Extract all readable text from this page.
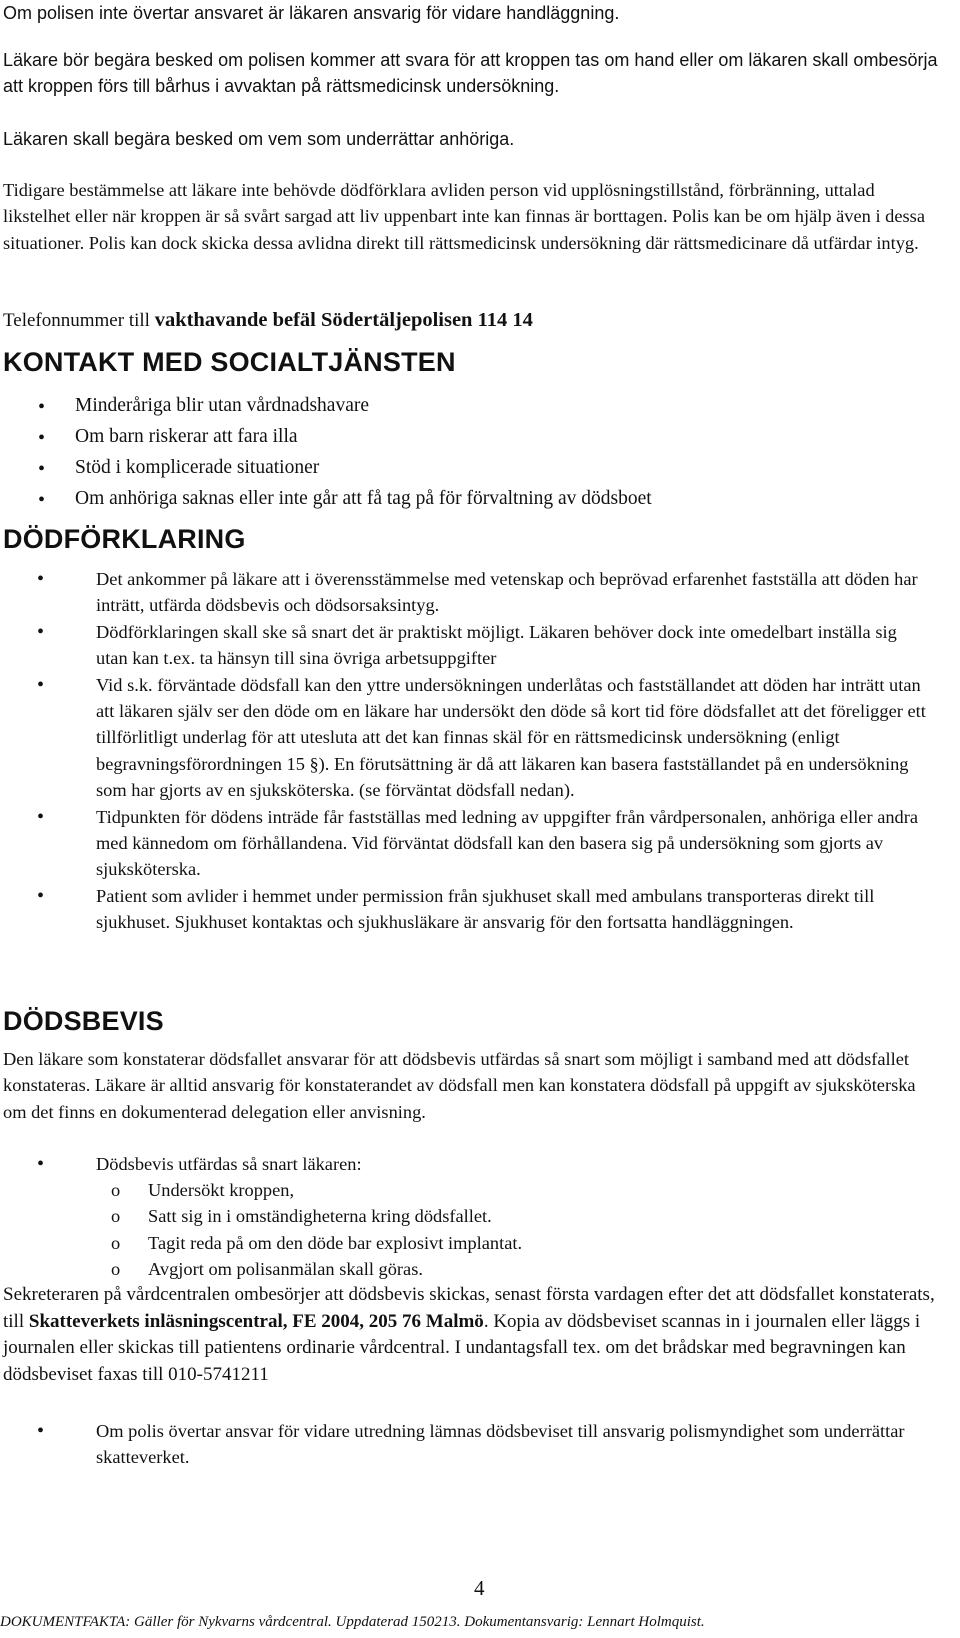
Om polisen inte övertar ansvaret är läkaren ansvarig för vidare handläggning.

Läkare bör begära besked om polisen kommer att svara för att kroppen tas om hand eller om läkaren skall ombesörja att kroppen förs till bårhus i avvaktan på rättsmedicinsk undersökning.

Läkaren skall begära besked om vem som underrättar anhöriga.

Tidigare bestämmelse att läkare inte behövde dödförklara avliden person vid upplösningstillstånd, förbränning, uttalad likstelhet eller när kroppen är så svårt sargad att liv uppenbart inte kan finnas är borttagen. Polis kan be om hjälp även i dessa situationer. Polis kan dock skicka dessa avlidna direkt till rättsmedicinsk undersökning där rättsmedicinare då utfärdar intyg.

Telefonnummer till vakthavande befäl Södertäljepolisen 114 14

KONTAKT MED SOCIALTJÄNSTEN
•
Minderåriga blir utan vårdnadshavare
•
Om barn riskerar att fara illa
•
Stöd i komplicerade situationer
•
Om anhöriga saknas eller inte går att få tag på för förvaltning av dödsboet
DÖDFÖRKLARING
•
Det ankommer på läkare att i överensstämmelse med vetenskap och beprövad erfarenhet fastställa att döden har inträtt, utfärda dödsbevis och dödsorsaksintyg.
•
Dödförklaringen skall ske så snart det är praktiskt möjligt. Läkaren behöver dock inte omedelbart inställa sig utan kan t.ex. ta hänsyn till sina övriga arbetsuppgifter
•
Vid s.k. förväntade dödsfall kan den yttre undersökningen underlåtas och fastställandet att döden har inträtt utan att läkaren själv ser den döde om en läkare har undersökt den döde så kort tid före dödsfallet att det föreligger ett tillförlitligt underlag för att utesluta att det kan finnas skäl för en rättsmedicinsk undersökning (enligt begravningsförordningen 15 §). En förutsättning är då att läkaren kan basera fastställandet på en undersökning som har gjorts av en sjuksköterska. (se förväntat dödsfall nedan).
•
Tidpunkten för dödens inträde får fastställas med ledning av uppgifter från vårdpersonalen, anhöriga eller andra med kännedom om förhållandena. Vid förväntat dödsfall kan den basera sig på undersökning som gjorts av sjuksköterska.
•
Patient som avlider i hemmet under permission från sjukhuset skall med ambulans transporteras direkt till sjukhuset. Sjukhuset kontaktas och sjukhusläkare är ansvarig för den fortsatta handläggningen.
DÖDSBEVIS

Den läkare som konstaterar dödsfallet ansvarar för att dödsbevis utfärdas så snart som möjligt i samband med att dödsfallet konstateras. Läkare är alltid ansvarig för konstaterandet av dödsfall men kan konstatera dödsfall på uppgift av sjuksköterska om det finns en dokumenterad delegation eller anvisning.

•
Dödsbevis utfärdas så snart läkaren:
o	Undersökt kroppen,
o	Satt sig in i omständigheterna kring dödsfallet.
o	Tagit reda på om den döde bar explosivt implantat.
o	Avgjort om polisanmälan skall göras.

Sekreteraren på vårdcentralen ombesörjer att dödsbevis skickas, senast första vardagen efter det att dödsfallet konstaterats, till Skatteverkets inläsningscentral, FE 2004, 205 76 Malmö. Kopia av dödsbeviset scannas in i journalen eller läggs i journalen eller skickas till patientens ordinarie vårdcentral. I undantagsfall tex. om det brådskar med begravningen kan dödsbeviset faxas till 010-5741211

•
Om polis övertar ansvar för vidare utredning lämnas dödsbeviset till ansvarig polismyndighet som underrättar skatteverket.
4
DOKUMENTFAKTA: Gäller för Nykvarns vårdcentral. Uppdaterad 150213. Dokumentansvarig: Lennart Holmquist.
